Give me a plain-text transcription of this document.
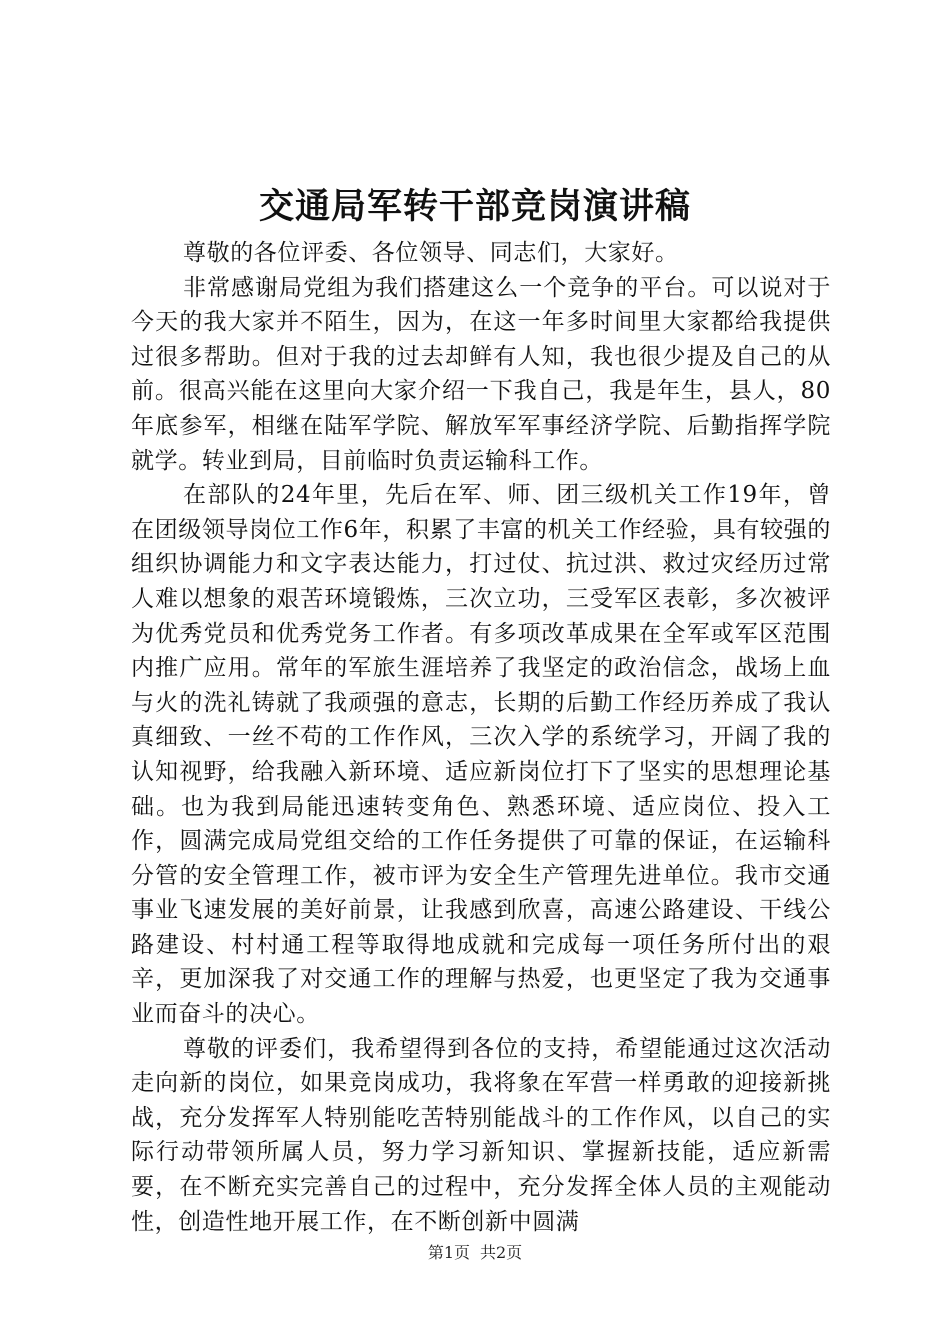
交通局军转干部竞岗演讲稿

尊敬的各位评委、各位领导、同志们，大家好。

非常感谢局党组为我们搭建这么一个竞争的平台。可以说对于今天的我大家并不陌生，因为，在这一年多时间里大家都给我提供过很多帮助。但对于我的过去却鲜有人知，我也很少提及自己的从前。很高兴能在这里向大家介绍一下我自己，我是年生，县人，80年底参军，相继在陆军学院、解放军军事经济学院、后勤指挥学院就学。转业到局，目前临时负责运输科工作。

在部队的24年里，先后在军、师、团三级机关工作19年，曾在团级领导岗位工作6年，积累了丰富的机关工作经验，具有较强的组织协调能力和文字表达能力，打过仗、抗过洪、救过灾经历过常人难以想象的艰苦环境锻炼，三次立功，三受军区表彰，多次被评为优秀党员和优秀党务工作者。有多项改革成果在全军或军区范围内推广应用。常年的军旅生涯培养了我坚定的政治信念，战场上血与火的洗礼铸就了我顽强的意志，长期的后勤工作经历养成了我认真细致、一丝不苟的工作作风，三次入学的系统学习，开阔了我的认知视野，给我融入新环境、适应新岗位打下了坚实的思想理论基础。也为我到局能迅速转变角色、熟悉环境、适应岗位、投入工作，圆满完成局党组交给的工作任务提供了可靠的保证，在运输科分管的安全管理工作，被市评为安全生产管理先进单位。我市交通事业飞速发展的美好前景，让我感到欣喜，高速公路建设、干线公路建设、村村通工程等取得地成就和完成每一项任务所付出的艰辛，更加深我了对交通工作的理解与热爱，也更坚定了我为交通事业而奋斗的决心。

尊敬的评委们，我希望得到各位的支持，希望能通过这次活动走向新的岗位，如果竞岗成功，我将象在军营一样勇敢的迎接新挑战，充分发挥军人特别能吃苦特别能战斗的工作作风，以自己的实际行动带领所属人员，努力学习新知识、掌握新技能，适应新需要，在不断充实完善自己的过程中，充分发挥全体人员的主观能动性，创造性地开展工作，在不断创新中圆满

第1页 共2页
